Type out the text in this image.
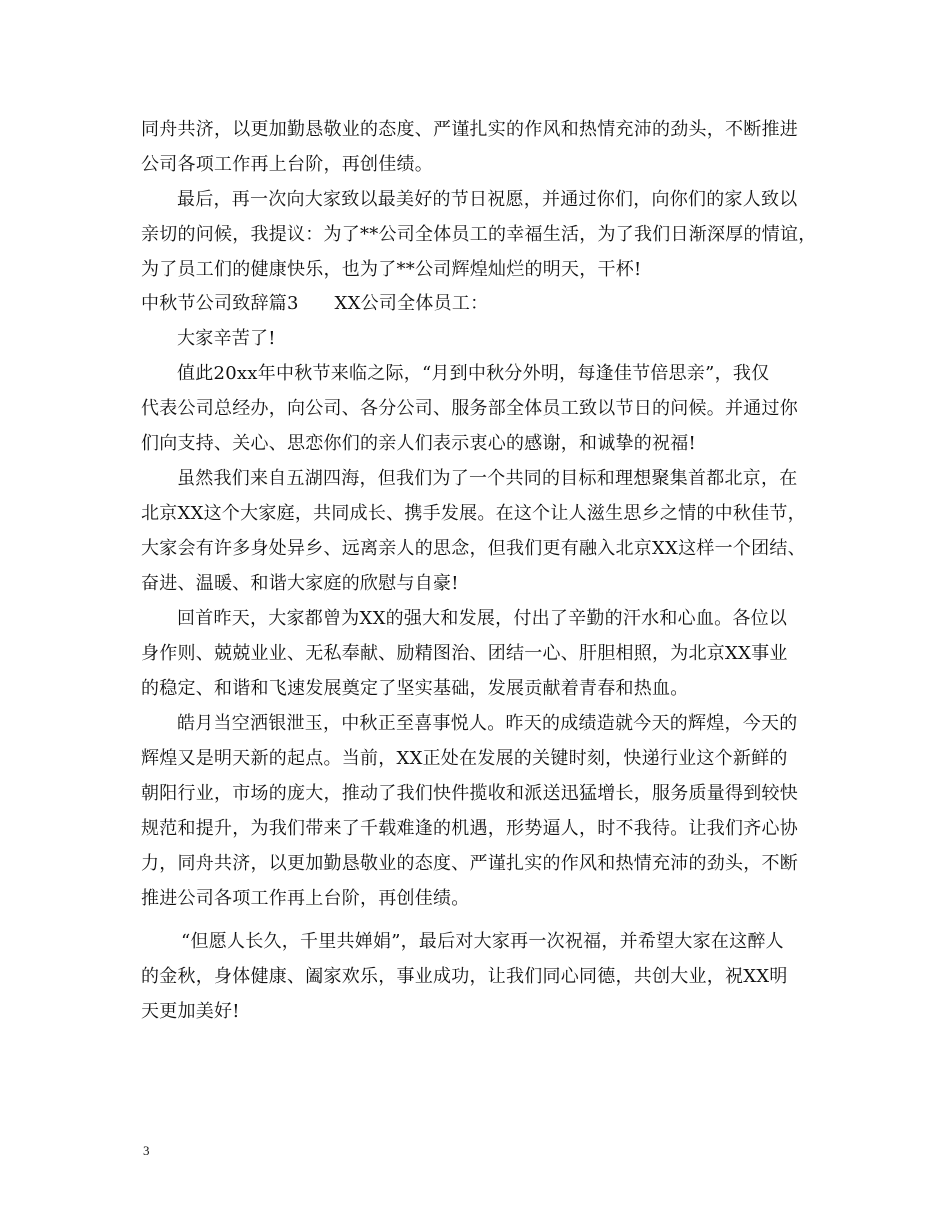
同舟共济，以更加勤恳敬业的态度、严谨扎实的作风和热情充沛的劲头，不断推进
公司各项工作再上台阶，再创佳绩。
最后，再一次向大家致以最美好的节日祝愿，并通过你们，向你们的家人致以
亲切的问候，我提议：为了**公司全体员工的幸福生活，为了我们日渐深厚的情谊，
为了员工们的健康快乐，也为了**公司辉煌灿烂的明天，干杯!
中秋节公司致辞篇3      XX公司全体员工：
大家辛苦了!
值此20xx年中秋节来临之际，“月到中秋分外明，每逢佳节倍思亲”，我仅
代表公司总经办，向公司、各分公司、服务部全体员工致以节日的问候。并通过你
们向支持、关心、思恋你们的亲人们表示衷心的感谢，和诚挚的祝福!
虽然我们来自五湖四海，但我们为了一个共同的目标和理想聚集首都北京，在
北京XX这个大家庭，共同成长、携手发展。在这个让人滋生思乡之情的中秋佳节，
大家会有许多身处异乡、远离亲人的思念，但我们更有融入北京XX这样一个团结、
奋进、温暖、和谐大家庭的欣慰与自豪!
回首昨天，大家都曾为XX的强大和发展，付出了辛勤的汗水和心血。各位以
身作则、兢兢业业、无私奉献、励精图治、团结一心、肝胆相照，为北京XX事业
的稳定、和谐和飞速发展奠定了坚实基础，发展贡献着青春和热血。
皓月当空洒银泄玉，中秋正至喜事悦人。昨天的成绩造就今天的辉煌，今天的
辉煌又是明天新的起点。当前，XX正处在发展的关键时刻，快递行业这个新鲜的
朝阳行业，市场的庞大，推动了我们快件揽收和派送迅猛增长，服务质量得到较快
规范和提升，为我们带来了千载难逢的机遇，形势逼人，时不我待。让我们齐心协
力，同舟共济，以更加勤恳敬业的态度、严谨扎实的作风和热情充沛的劲头，不断
推进公司各项工作再上台阶，再创佳绩。
“但愿人长久，千里共婵娟”，最后对大家再一次祝福，并希望大家在这醉人
的金秋，身体健康、阖家欢乐，事业成功，让我们同心同德，共创大业，祝XX明
天更加美好!
3
